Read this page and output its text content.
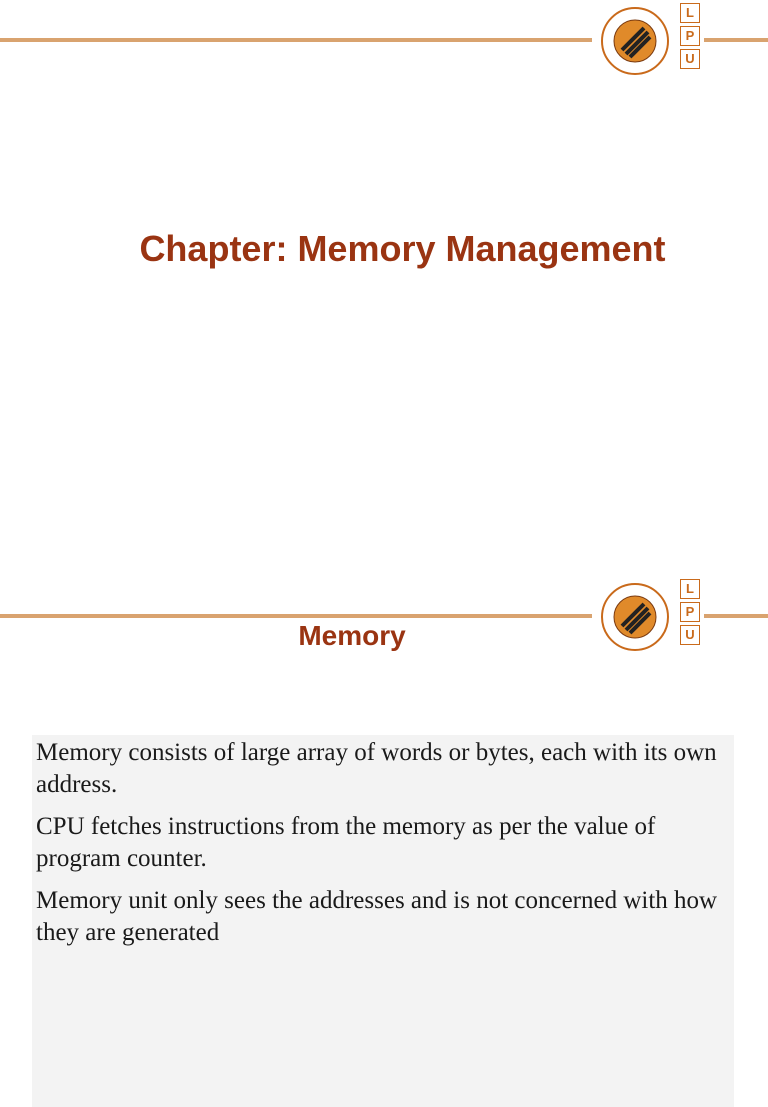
L
P
U
Chapter: Memory Management
L
P
U
Memory
Memory consists of large array of words or bytes, each with its own address.
CPU fetches instructions from the memory as per the value of program counter.
Memory unit only sees the addresses and is not concerned with how they are generated
